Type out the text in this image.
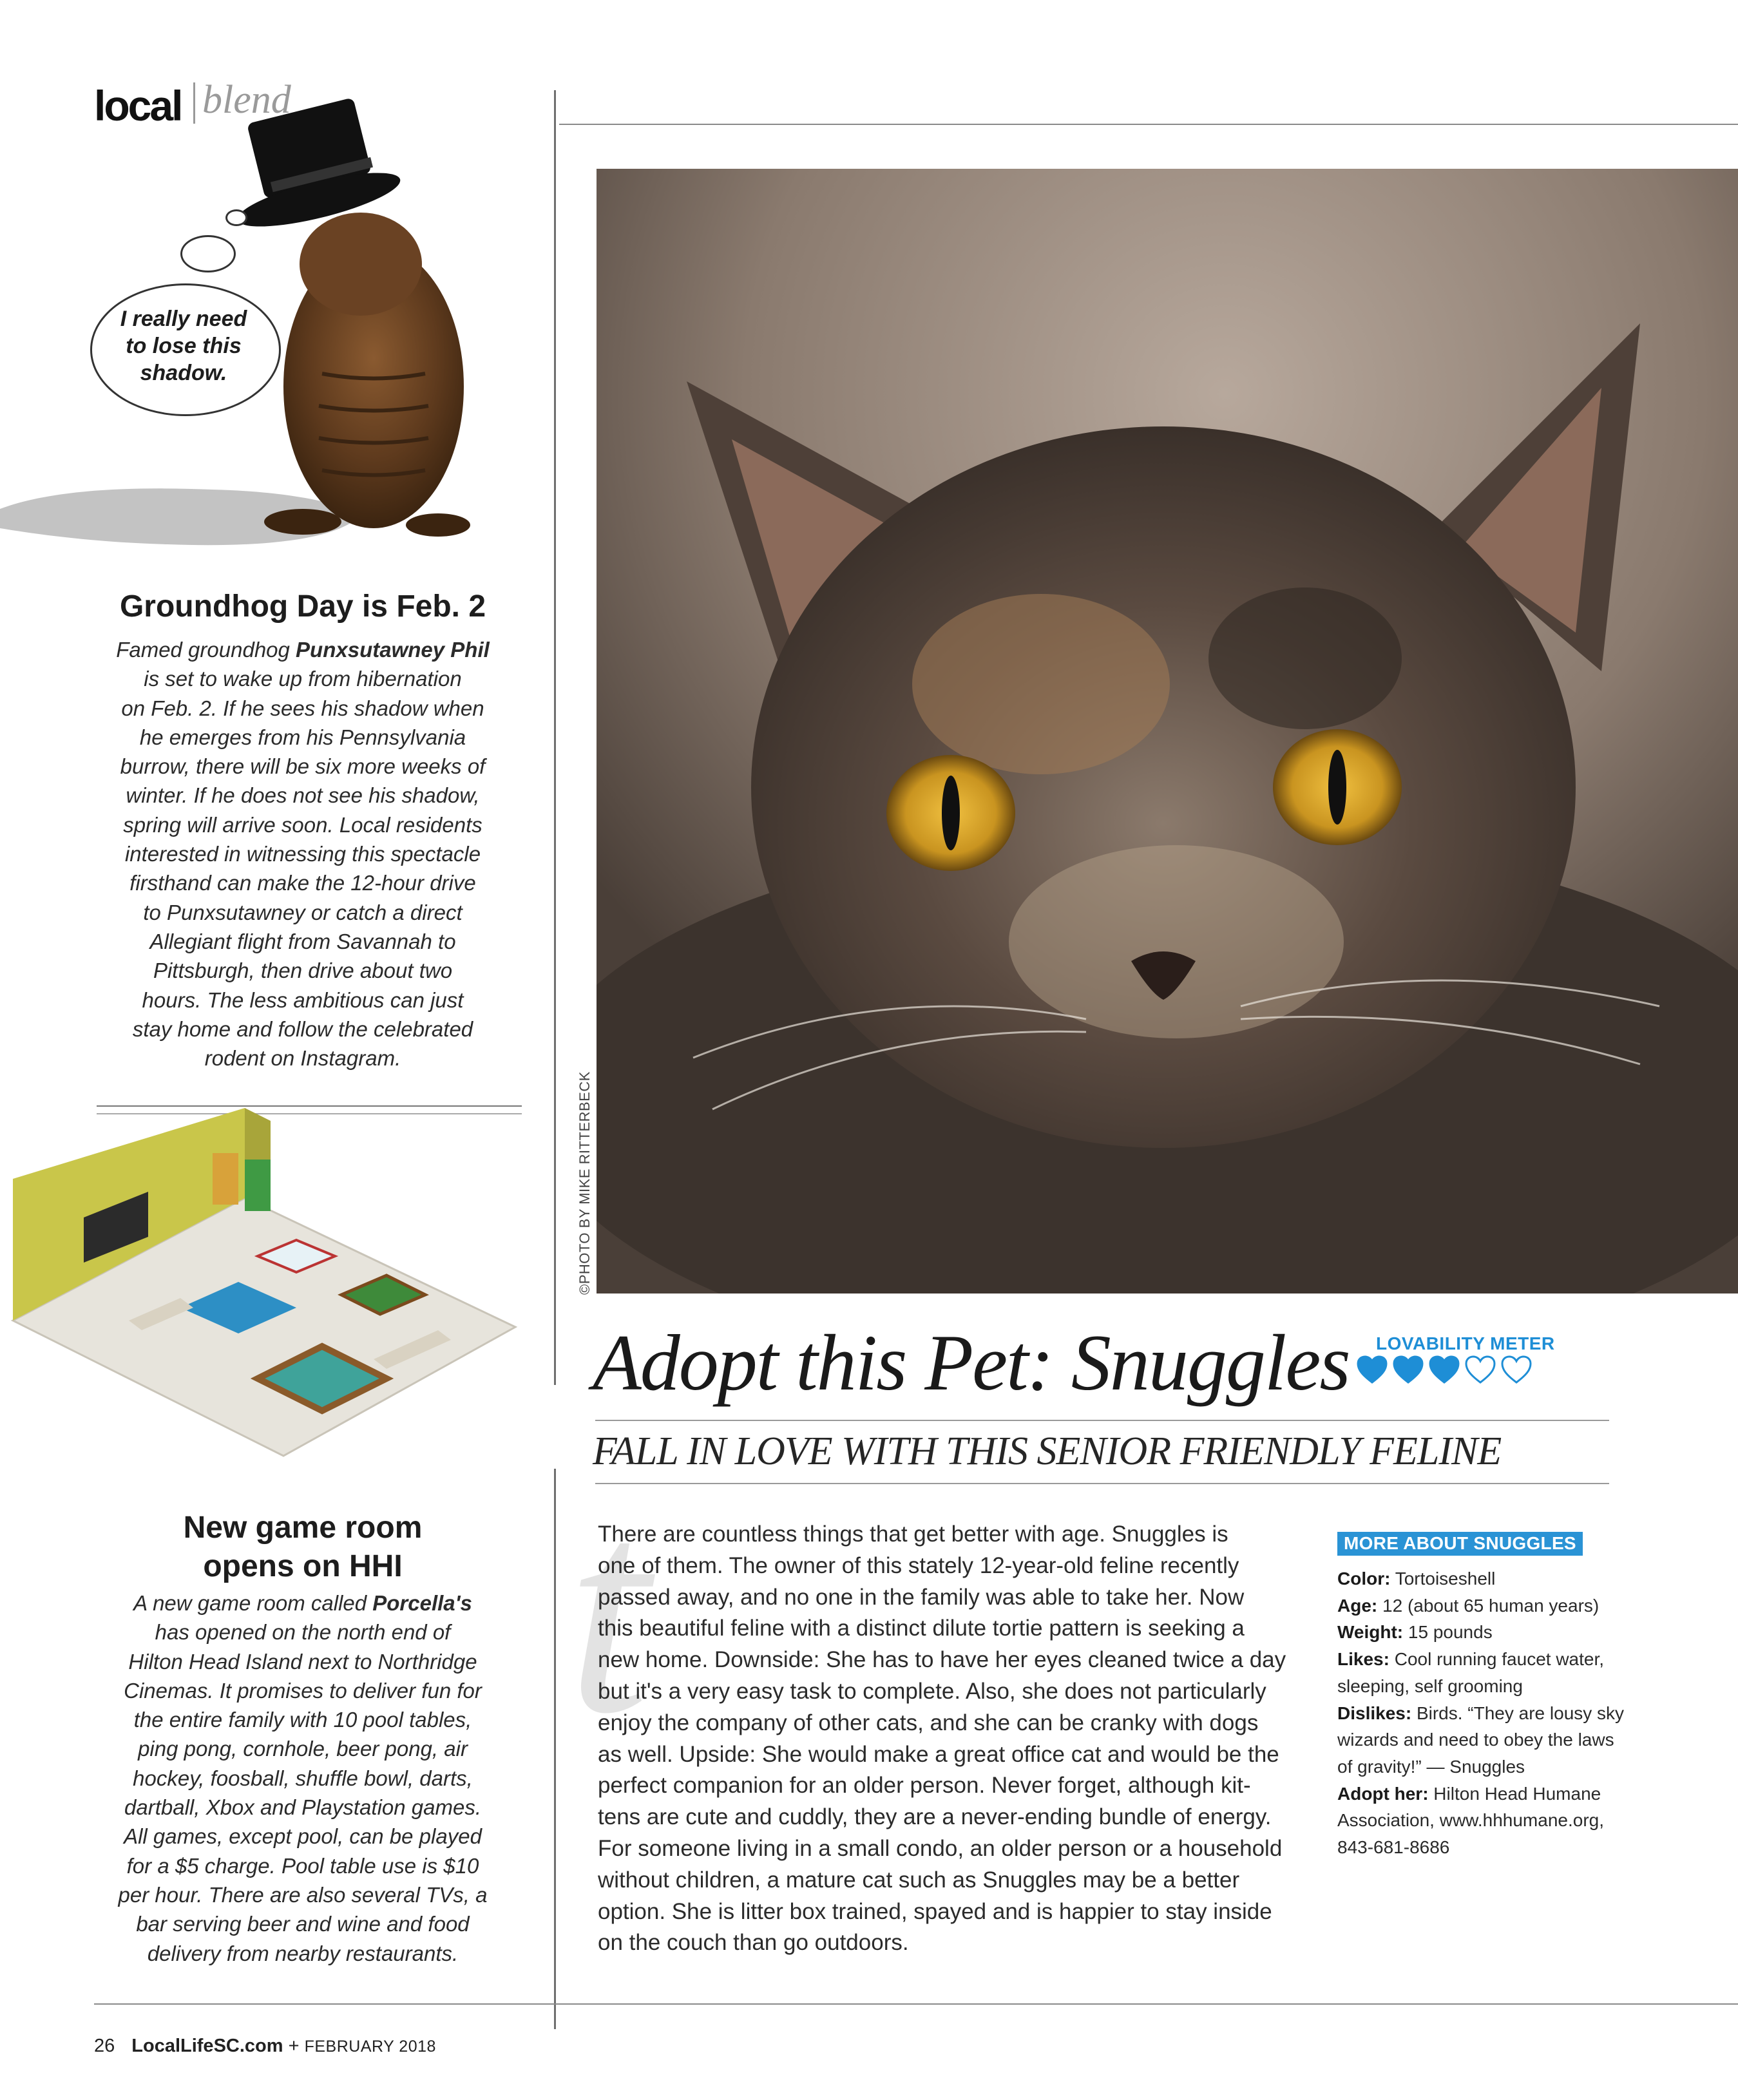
local blend
I really need
to lose this
shadow.
Groundhog Day is Feb. 2
Famed groundhog Punxsutawney Phil
is set to wake up from hibernation
on Feb. 2. If he sees his shadow when
he emerges from his Pennsylvania
burrow, there will be six more weeks of
winter. If he does not see his shadow,
spring will arrive soon. Local residents
interested in witnessing this spectacle
firsthand can make the 12-hour drive
to Punxsutawney or catch a direct
Allegiant flight from Savannah to
Pittsburgh, then drive about two
hours. The less ambitious can just
stay home and follow the celebrated
rodent on Instagram.
New game room
opens on HHI
A new game room called Porcella's
has opened on the north end of
Hilton Head Island next to Northridge
Cinemas. It promises to deliver fun for
the entire family with 10 pool tables,
ping pong, cornhole, beer pong, air
hockey, foosball, shuffle bowl, darts,
dartball, Xbox and Playstation games.
All games, except pool, can be played
for a $5 charge. Pool table use is $10
per hour. There are also several TVs, a
bar serving beer and wine and food
delivery from nearby restaurants.
©PHOTO BY MIKE RITTERBECK
Adopt this Pet: Snuggles LOVABILITY METER
FALL IN LOVE WITH THIS SENIOR FRIENDLY FELINE
t
There are countless things that get better with age. Snuggles is
one of them. The owner of this stately 12-year-old feline recently
passed away, and no one in the family was able to take her. Now
this beautiful feline with a distinct dilute tortie pattern is seeking a
new home. Downside: She has to have her eyes cleaned twice a day
but it's a very easy task to complete. Also, she does not particularly
enjoy the company of other cats, and she can be cranky with dogs
as well. Upside: She would make a great office cat and would be the
perfect companion for an older person. Never forget, although kit-
tens are cute and cuddly, they are a never-ending bundle of energy.
For someone living in a small condo, an older person or a household
without children, a mature cat such as Snuggles may be a better
option. She is litter box trained, spayed and is happier to stay inside
on the couch than go outdoors.
MORE ABOUT SNUGGLES
Color: Tortoiseshell
Age: 12 (about 65 human years)
Weight: 15 pounds
Likes: Cool running faucet water,
sleeping, self grooming
Dislikes: Birds. “They are lousy sky
wizards and need to obey the laws
of gravity!” — Snuggles
Adopt her: Hilton Head Humane
Association, www.hhhumane.org,
843-681-8686
26 LocalLifeSC.com + FEBRUARY 2018
